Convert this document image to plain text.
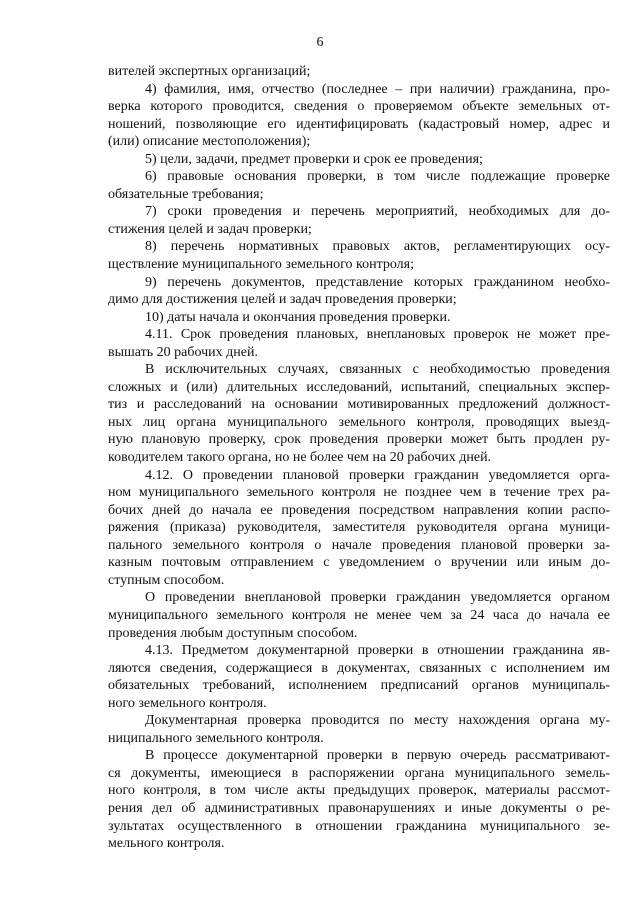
6

вителей экспертных организаций;

4) фамилия, имя, отчество (последнее – при наличии) гражданина, про-
верка которого проводится, сведения о проверяемом объекте земельных от-
ношений, позволяющие его идентифицировать (кадастровый номер, адрес и
(или) описание местоположения);

5) цели, задачи, предмет проверки и срок ее проведения;

6) правовые основания проверки, в том числе подлежащие проверке
обязательные требования;

7) сроки проведения и перечень мероприятий, необходимых для до-
стижения целей и задач проверки;

8) перечень нормативных правовых актов, регламентирующих осу-
ществление муниципального земельного контроля;

9) перечень документов, представление которых гражданином необхо-
димо для достижения целей и задач проведения проверки;

10) даты начала и окончания проведения проверки.

4.11. Срок проведения плановых, внеплановых проверок не может пре-
вышать 20 рабочих дней.

В исключительных случаях, связанных с необходимостью проведения
сложных и (или) длительных исследований, испытаний, специальных экспер-
тиз и расследований на основании мотивированных предложений должност-
ных лиц органа муниципального земельного контроля, проводящих выезд-
ную плановую проверку, срок проведения проверки может быть продлен ру-
ководителем такого органа, но не более чем на 20 рабочих дней.

4.12. О проведении плановой проверки гражданин уведомляется орга-
ном муниципального земельного контроля не позднее чем в течение трех ра-
бочих дней до начала ее проведения посредством направления копии распо-
ряжения (приказа) руководителя, заместителя руководителя органа муници-
пального земельного контроля о начале проведения плановой проверки за-
казным почтовым отправлением с уведомлением о вручении или иным до-
ступным способом.

О проведении внеплановой проверки гражданин уведомляется органом
муниципального земельного контроля не менее чем за 24 часа до начала ее
проведения любым доступным способом.

4.13. Предметом документарной проверки в отношении гражданина яв-
ляются сведения, содержащиеся в документах, связанных с исполнением им
обязательных требований, исполнением предписаний органов муниципаль-
ного земельного контроля.

Документарная проверка проводится по месту нахождения органа му-
ниципального земельного контроля.

В процессе документарной проверки в первую очередь рассматривают-
ся документы, имеющиеся в распоряжении органа муниципального земель-
ного контроля, в том числе акты предыдущих проверок, материалы рассмот-
рения дел об административных правонарушениях и иные документы о ре-
зультатах осуществленного в отношении гражданина муниципального зе-
мельного контроля.
